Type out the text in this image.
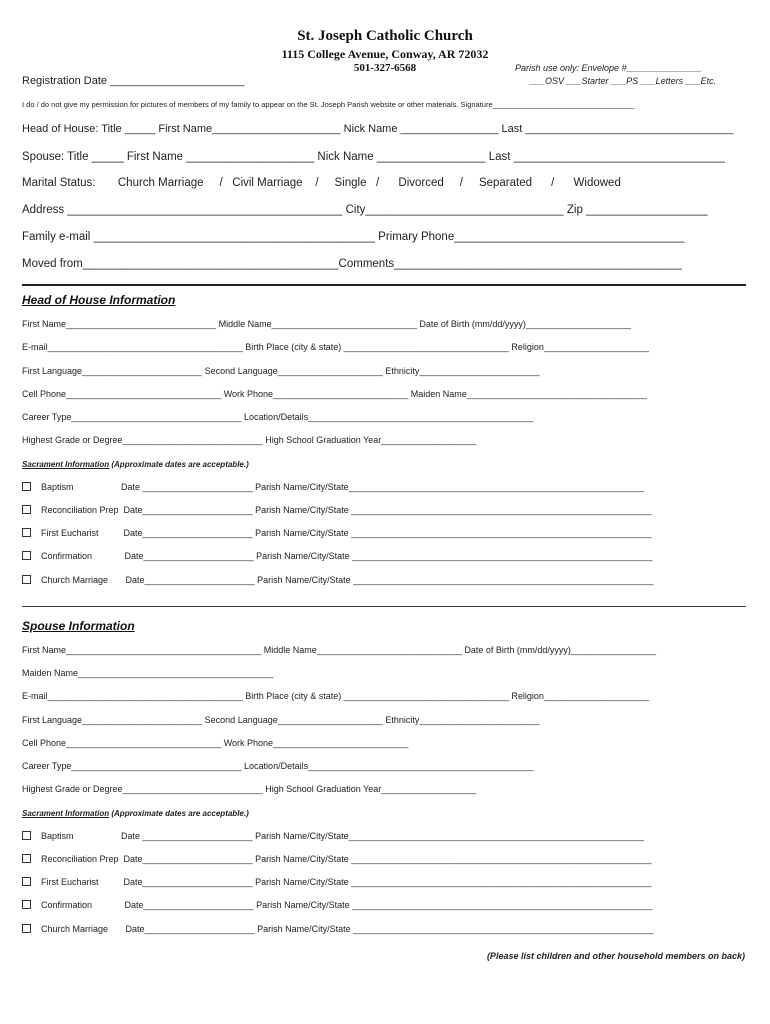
St. Joseph Catholic Church
1115 College Avenue, Conway, AR 72032
501-327-6568
Registration Date ______________________
Parish use only: Envelope #_______________
___OSV ___Starter ___PS ___Letters ___Etc.
I do / do not give my permission for pictures of members of my family to appear on the St. Joseph Parish website or other materials. Signature__________________________________
Head of House: Title _____ First Name_____________________ Nick Name ________________ Last __________________________________
Spouse: Title _____ First Name ____________________ Nick Name _________________ Last _________________________________
Marital Status:       Church Marriage     /   Civil Marriage    /     Single   /      Divorced     /     Separated      /      Widowed
Address ___________________________________________ City_______________________________ Zip ___________________
Family e-mail ____________________________________________ Primary Phone____________________________________
Moved from________________________________________Comments_____________________________________________
Head of House Information
First Name______________________________ Middle Name_____________________________ Date of Birth (mm/dd/yyyy)_____________________
E-mail_______________________________________ Birth Place (city & state) _________________________________ Religion_____________________
First Language________________________ Second Language_____________________ Ethnicity________________________
Cell Phone_______________________________ Work Phone___________________________ Maiden Name____________________________________
Career Type__________________________________ Location/Details_____________________________________________
Highest Grade or Degree____________________________ High School Graduation Year___________________
Sacrament Information (Approximate dates are acceptable.)
Baptism                   Date ______________________ Parish Name/City/State___________________________________________________________
Reconciliation Prep  Date______________________ Parish Name/City/State ____________________________________________________________
First Eucharist          Date______________________ Parish Name/City/State ____________________________________________________________
Confirmation             Date______________________ Parish Name/City/State ____________________________________________________________
Church Marriage       Date______________________ Parish Name/City/State ____________________________________________________________
Spouse Information
First Name_______________________________________ Middle Name_____________________________ Date of Birth (mm/dd/yyyy)_________________
Maiden Name_______________________________________
E-mail_______________________________________ Birth Place (city & state) _________________________________ Religion_____________________
First Language________________________ Second Language_____________________ Ethnicity________________________
Cell Phone_______________________________ Work Phone___________________________
Career Type__________________________________ Location/Details_____________________________________________
Highest Grade or Degree____________________________ High School Graduation Year___________________
Sacrament Information (Approximate dates are acceptable.)
Baptism                   Date ______________________ Parish Name/City/State___________________________________________________________
Reconciliation Prep  Date______________________ Parish Name/City/State ____________________________________________________________
First Eucharist          Date______________________ Parish Name/City/State ____________________________________________________________
Confirmation             Date______________________ Parish Name/City/State ____________________________________________________________
Church Marriage       Date______________________ Parish Name/City/State ____________________________________________________________
(Please list children and other household members on back)
